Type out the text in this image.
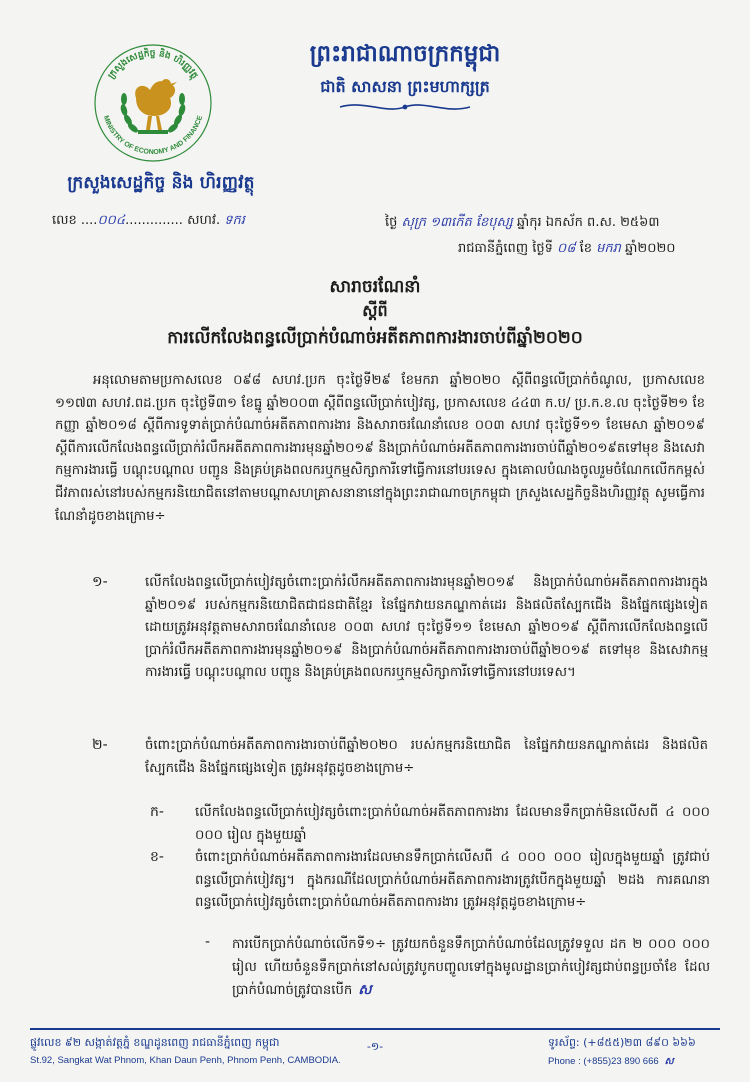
ក្រសួងសេដ្ឋកិច្ច និង ហិរញ្ញវត្ថុ
MINISTRY OF ECONOMY AND FINANCE
ក្រសួងសេដ្ឋកិច្ច និង ហិរញ្ញវត្ថុ
ព្រះរាជាណាចក្រកម្ពុជា
ជាតិ សាសនា ព្រះមហាក្សត្រ
លេខ ....០០៤.............. សហវ. ទករ	ថ្ងៃ សុក្រ ១៣កើត ខែបុស្ស ឆ្នាំកុរ ឯកស័ក ព.ស. ២៥៦៣
រាជធានីភ្នំពេញ ថ្ងៃទី ០៨ ខែ មករា ឆ្នាំ២០២០
សារាចរណែនាំ
ស្តីពី
ការលើកលែងពន្ធលើប្រាក់បំណាច់អតីតភាពការងារចាប់ពីឆ្នាំ២០២០
អនុលោមតាមប្រកាសលេខ ០៩៨ សហវ.ប្រក ចុះថ្ងៃទី២៩ ខែមករា ឆ្នាំ២០២០ ស្តីពីពន្ធលើប្រាក់ចំណូល, ប្រកាសលេខ ១១៧៣ សហវ.ពដ.ប្រក ចុះថ្ងៃទី៣១ ខែធ្នូ ឆ្នាំ២០០៣ ស្តីពីពន្ធលើប្រាក់បៀវត្ស, ប្រកាសលេខ ៤៤៣ ក.ប/ ប្រ.ក.ខ.ល ចុះថ្ងៃទី២១ ខែកញ្ញា ឆ្នាំ២០១៨ ស្តីពីការទូទាត់ប្រាក់បំណាច់អតីតភាពការងារ និងសារាចរណែនាំលេខ ០០៣ សហវ ចុះថ្ងៃទី១១ ខែមេសា ឆ្នាំ២០១៩ ស្តីពីការលើកលែងពន្ធលើប្រាក់រំលឹកអតីតភាពការងារមុនឆ្នាំ២០១៩ និងប្រាក់បំណាច់អតីតភាពការងារចាប់ពីឆ្នាំ២០១៩តទៅមុខ និងសេវាកម្មការងារធ្វើ បណ្តុះបណ្តាល បញ្ជូន និងគ្រប់គ្រងពលករឬកម្មសិក្សាការីទៅធ្វើការនៅបរទេស ក្នុងគោលបំណងចូលរួមចំណែកលើកកម្ពស់ជីវភាពរស់នៅរបស់កម្មករនិយោជិតនៅតាមបណ្តាសហគ្រាសនានានៅក្នុងព្រះរាជាណាចក្រកម្ពុជា ក្រសួងសេដ្ឋកិច្ចនិងហិរញ្ញវត្ថុ សូមធ្វើការណែនាំដូចខាងក្រោម÷
១-	លើកលែងពន្ធលើប្រាក់បៀវត្សចំពោះប្រាក់រំលឹកអតីតភាពការងារមុនឆ្នាំ២០១៩ និងប្រាក់បំណាច់អតីតភាពការងារក្នុងឆ្នាំ២០១៩ របស់កម្មករនិយោជិតជាជនជាតិខ្មែរ នៃផ្នែកវាយនភណ្ឌកាត់ដេរ និងផលិតស្បែកជើង និងផ្នែកផ្សេងទៀត ដោយត្រូវអនុវត្តតាមសារាចរណែនាំលេខ ០០៣ សហវ ចុះថ្ងៃទី១១ ខែមេសា ឆ្នាំ២០១៩ ស្តីពីការលើកលែងពន្ធលើប្រាក់រំលឹកអតីតភាពការងារមុនឆ្នាំ២០១៩ និងប្រាក់បំណាច់អតីតភាពការងារចាប់ពីឆ្នាំ២០១៩ តទៅមុខ និងសេវាកម្មការងារធ្វើ បណ្តុះបណ្តាល បញ្ជូន និងគ្រប់គ្រងពលករឬកម្មសិក្សាការីទៅធ្វើការនៅបរទេស។
២-	ចំពោះប្រាក់បំណាច់អតីតភាពការងារចាប់ពីឆ្នាំ២០២០ របស់កម្មករនិយោជិត នៃផ្នែកវាយនភណ្ឌកាត់ដេរ និងផលិតស្បែកជើង និងផ្នែកផ្សេងទៀត ត្រូវអនុវត្តដូចខាងក្រោម÷
ក- លើកលែងពន្ធលើប្រាក់បៀវត្សចំពោះប្រាក់បំណាច់អតីតភាពការងារ ដែលមានទឹកប្រាក់មិនលើសពី ៤ ០០០ ០០០ រៀល ក្នុងមួយឆ្នាំ
ខ- ចំពោះប្រាក់បំណាច់អតីតភាពការងារដែលមានទឹកប្រាក់លើសពី ៤ ០០០ ០០០ រៀលក្នុងមួយឆ្នាំ ត្រូវជាប់ពន្ធលើប្រាក់បៀវត្ស។ ក្នុងករណីដែលប្រាក់បំណាច់អតីតភាពការងារត្រូវបើកក្នុងមួយឆ្នាំ ២ដង ការគណនាពន្ធលើប្រាក់បៀវត្សចំពោះប្រាក់បំណាច់អតីតភាពការងារ ត្រូវអនុវត្តដូចខាងក្រោម÷
- ការបើកប្រាក់បំណាច់លើកទី១÷ ត្រូវយកចំនួនទឹកប្រាក់បំណាច់ដែលត្រូវទទួល ដក ២ ០០០ ០០០ រៀល ហើយចំនួនទឹកប្រាក់នៅសល់ត្រូវបូកបញ្ចូលទៅក្នុងមូលដ្ឋានប្រាក់បៀវត្សជាប់ពន្ធប្រចាំខែ ដែលប្រាក់បំណាច់ត្រូវបានបើក ស
ផ្លូវលេខ ៩២ សង្កាត់វត្តភ្នំ ខណ្ឌដូនពេញ រាជធានីភ្នំពេញ កម្ពុជា
St.92, Sangkat Wat Phnom, Khan Daun Penh, Phnom Penh, CAMBODIA.
-១-	ទូរស័ព្ទ: (+៨៥៥)២៣ ៨៩០ ៦៦៦
Phone : (+855)23 890 666 ស
